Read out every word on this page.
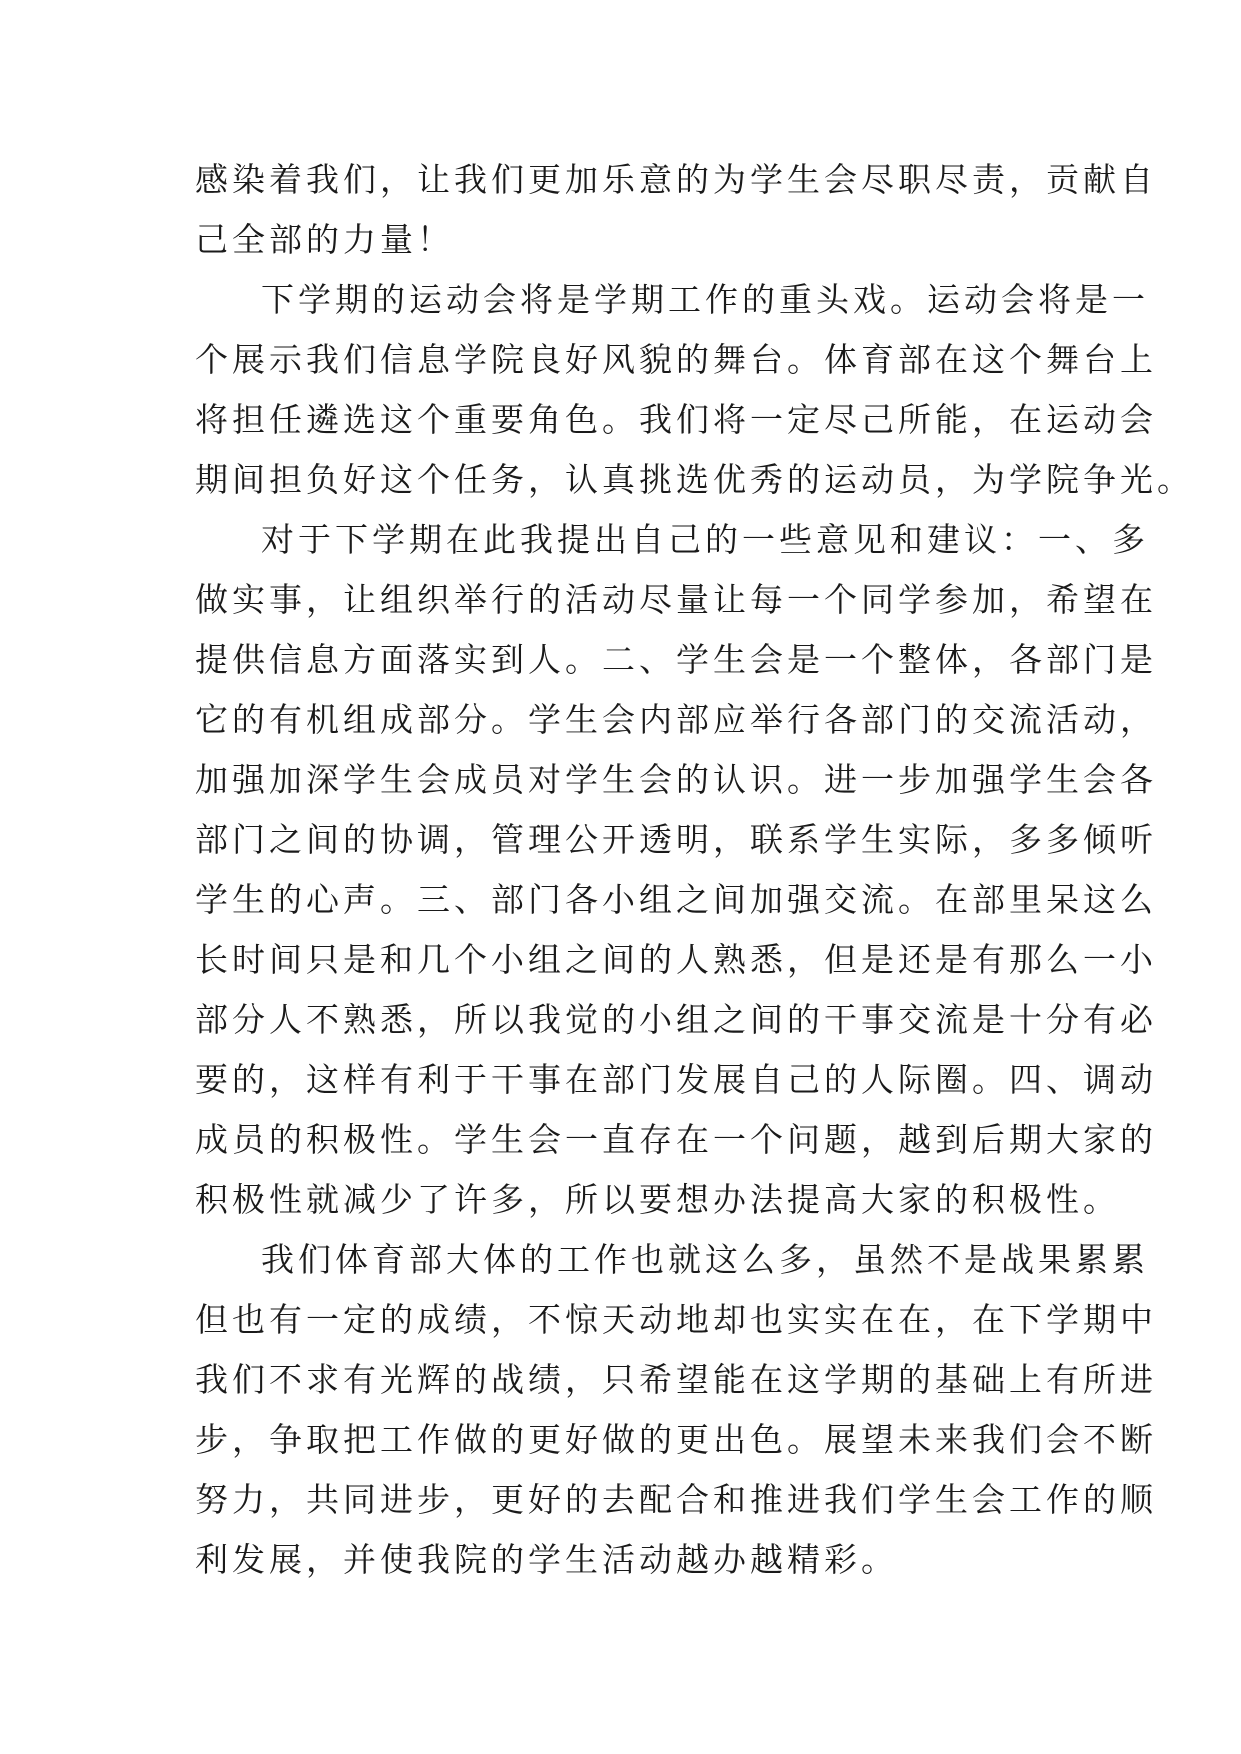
感染着我们，让我们更加乐意的为学生会尽职尽责，贡献自
己全部的力量！
下学期的运动会将是学期工作的重头戏。运动会将是一
个展示我们信息学院良好风貌的舞台。体育部在这个舞台上
将担任遴选这个重要角色。我们将一定尽己所能，在运动会
期间担负好这个任务，认真挑选优秀的运动员，为学院争光。
对于下学期在此我提出自己的一些意见和建议：一、多
做实事，让组织举行的活动尽量让每一个同学参加，希望在
提供信息方面落实到人。二、学生会是一个整体，各部门是
它的有机组成部分。学生会内部应举行各部门的交流活动，
加强加深学生会成员对学生会的认识。进一步加强学生会各
部门之间的协调，管理公开透明，联系学生实际，多多倾听
学生的心声。三、部门各小组之间加强交流。在部里呆这么
长时间只是和几个小组之间的人熟悉，但是还是有那么一小
部分人不熟悉，所以我觉的小组之间的干事交流是十分有必
要的，这样有利于干事在部门发展自己的人际圈。四、调动
成员的积极性。学生会一直存在一个问题，越到后期大家的
积极性就减少了许多，所以要想办法提高大家的积极性。
我们体育部大体的工作也就这么多，虽然不是战果累累
但也有一定的成绩，不惊天动地却也实实在在，在下学期中
我们不求有光辉的战绩，只希望能在这学期的基础上有所进
步，争取把工作做的更好做的更出色。展望未来我们会不断
努力，共同进步，更好的去配合和推进我们学生会工作的顺
利发展，并使我院的学生活动越办越精彩。
